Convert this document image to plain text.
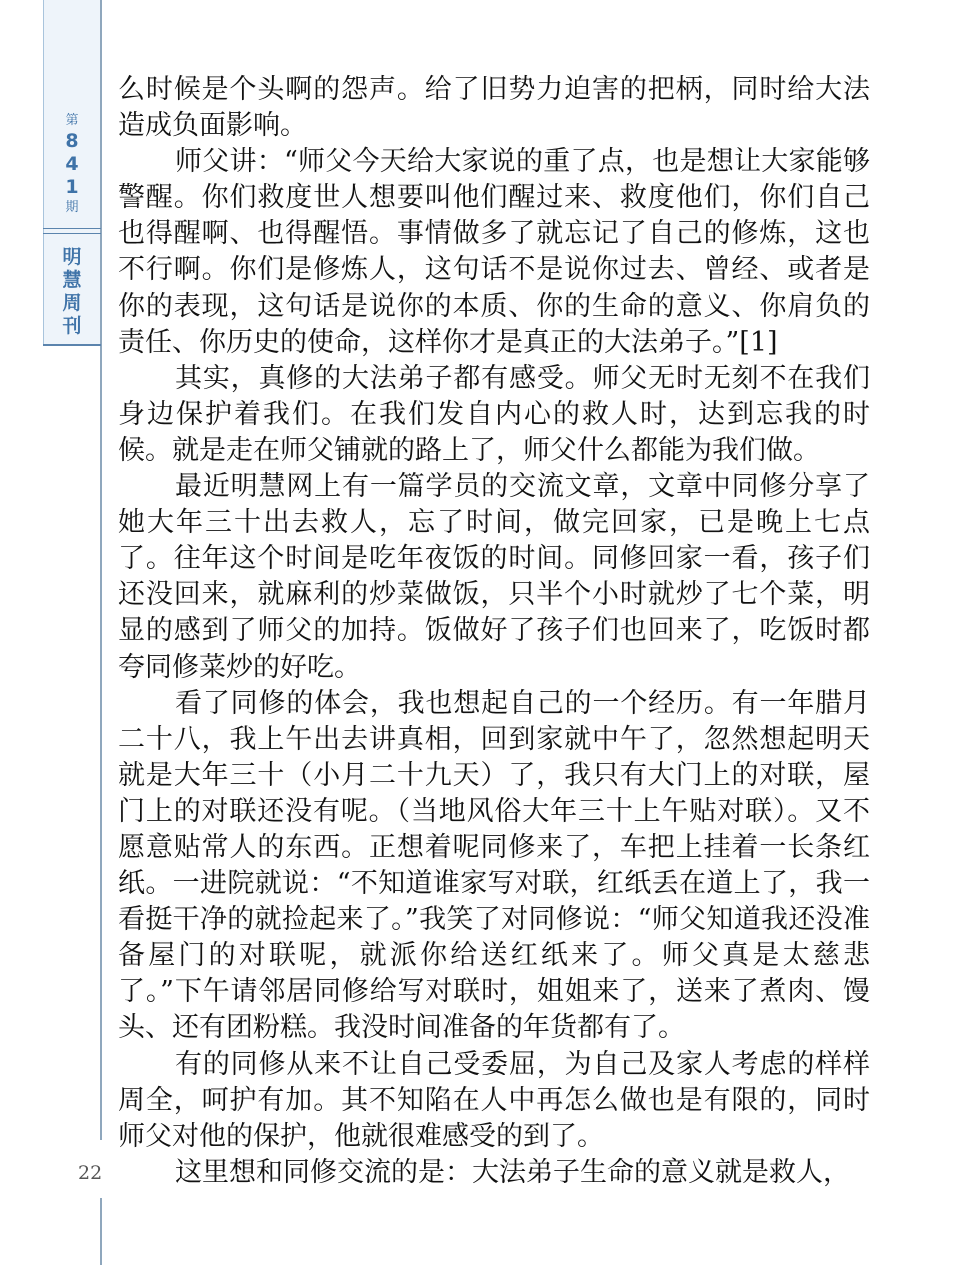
第
8
4
1
期
明
慧
周
刊
22

么时候是个头啊的怨声。给了旧势力迫害的把柄，同时给大法造成负面影响。

师父讲：“师父今天给大家说的重了点，也是想让大家能够警醒。你们救度世人想要叫他们醒过来、救度他们，你们自己也得醒啊、也得醒悟。事情做多了就忘记了自己的修炼，这也不行啊。你们是修炼人，这句话不是说你过去、曾经、或者是你的表现，这句话是说你的本质、你的生命的意义、你肩负的责任、你历史的使命，这样你才是真正的大法弟子。”[1]

其实，真修的大法弟子都有感受。师父无时无刻不在我们身边保护着我们。在我们发自内心的救人时，达到忘我的时候。就是走在师父铺就的路上了，师父什么都能为我们做。

最近明慧网上有一篇学员的交流文章，文章中同修分享了她大年三十出去救人，忘了时间，做完回家，已是晚上七点了。往年这个时间是吃年夜饭的时间。同修回家一看，孩子们还没回来，就麻利的炒菜做饭，只半个小时就炒了七个菜，明显的感到了师父的加持。饭做好了孩子们也回来了，吃饭时都夸同修菜炒的好吃。

看了同修的体会，我也想起自己的一个经历。有一年腊月二十八，我上午出去讲真相，回到家就中午了，忽然想起明天就是大年三十（小月二十九天）了，我只有大门上的对联，屋门上的对联还没有呢。（当地风俗大年三十上午贴对联）。又不愿意贴常人的东西。正想着呢同修来了，车把上挂着一长条红纸。一进院就说：“不知道谁家写对联，红纸丢在道上了，我一看挺干净的就捡起来了。”我笑了对同修说：“师父知道我还没准备屋门的对联呢，就派你给送红纸来了。师父真是太慈悲了。”下午请邻居同修给写对联时，姐姐来了，送来了煮肉、馒头、还有团粉糕。我没时间准备的年货都有了。

有的同修从来不让自己受委屈，为自己及家人考虑的样样周全，呵护有加。其不知陷在人中再怎么做也是有限的，同时师父对他的保护，他就很难感受的到了。

这里想和同修交流的是：大法弟子生命的意义就是救人，
